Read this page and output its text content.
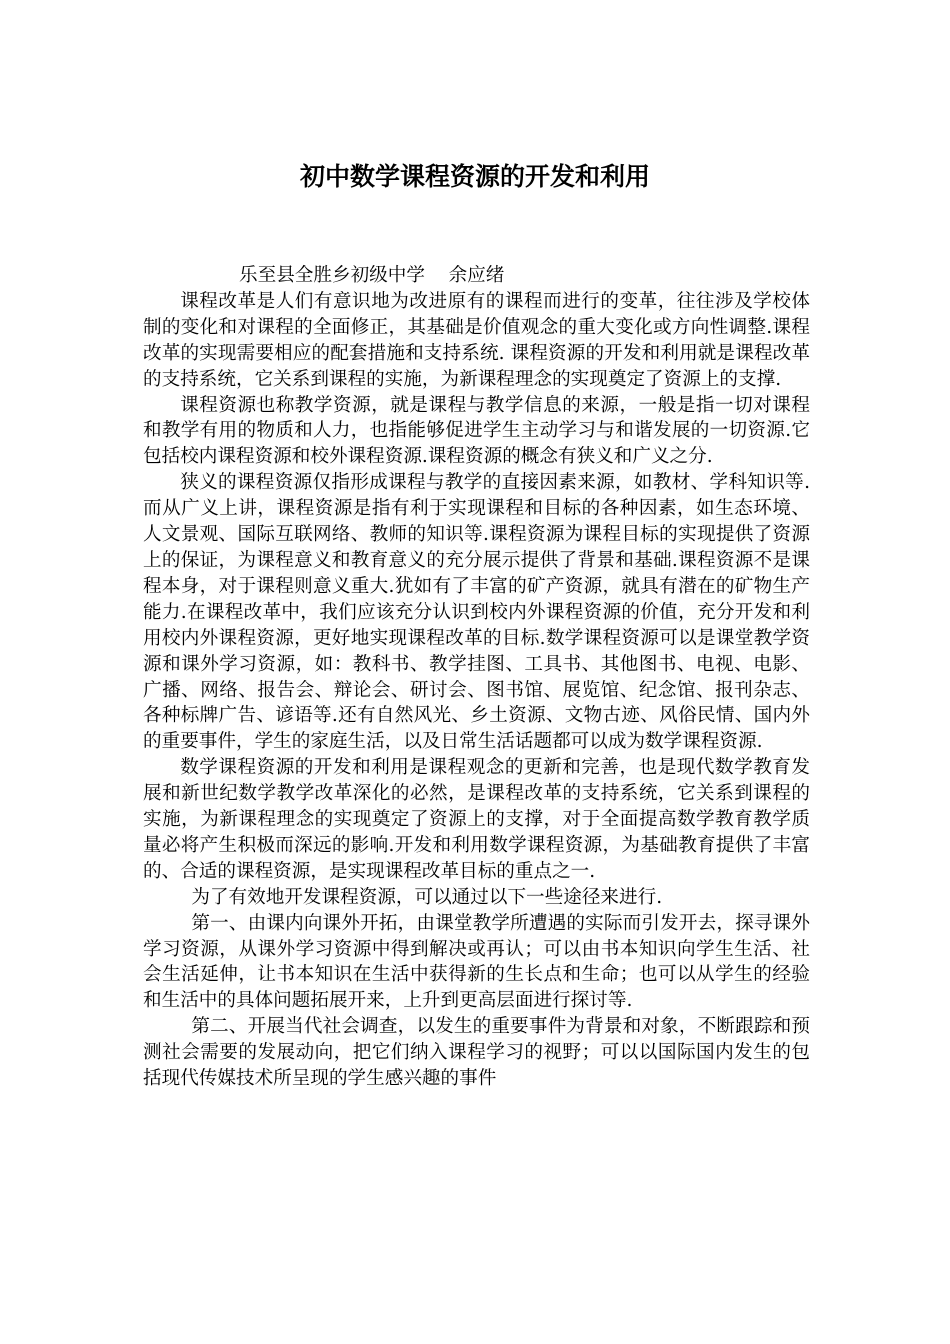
初中数学课程资源的开发和利用

乐至县全胜乡初级中学    余应绪

课程改革是人们有意识地为改进原有的课程而进行的变革，往往涉及学校体制的变化和对课程的全面修正，其基础是价值观念的重大变化或方向性调整.课程改革的实现需要相应的配套措施和支持系统. 课程资源的开发和利用就是课程改革的支持系统，它关系到课程的实施，为新课程理念的实现奠定了资源上的支撑.

课程资源也称教学资源，就是课程与教学信息的来源，一般是指一切对课程和教学有用的物质和人力，也指能够促进学生主动学习与和谐发展的一切资源.它包括校内课程资源和校外课程资源.课程资源的概念有狭义和广义之分.

狭义的课程资源仅指形成课程与教学的直接因素来源，如教材、学科知识等.而从广义上讲，课程资源是指有利于实现课程和目标的各种因素，如生态环境、人文景观、国际互联网络、教师的知识等.课程资源为课程目标的实现提供了资源上的保证，为课程意义和教育意义的充分展示提供了背景和基础.课程资源不是课程本身，对于课程则意义重大.犹如有了丰富的矿产资源，就具有潜在的矿物生产能力.在课程改革中，我们应该充分认识到校内外课程资源的价值，充分开发和利用校内外课程资源，更好地实现课程改革的目标.数学课程资源可以是课堂教学资源和课外学习资源，如：教科书、教学挂图、工具书、其他图书、电视、电影、广播、网络、报告会、辩论会、研讨会、图书馆、展览馆、纪念馆、报刊杂志、各种标牌广告、谚语等.还有自然风光、乡土资源、文物古迹、风俗民情、国内外的重要事件，学生的家庭生活，以及日常生活话题都可以成为数学课程资源.

数学课程资源的开发和利用是课程观念的更新和完善，也是现代数学教育发展和新世纪数学教学改革深化的必然，是课程改革的支持系统，它关系到课程的实施，为新课程理念的实现奠定了资源上的支撑，对于全面提高数学教育教学质量必将产生积极而深远的影响.开发和利用数学课程资源，为基础教育提供了丰富的、合适的课程资源，是实现课程改革目标的重点之一.

为了有效地开发课程资源，可以通过以下一些途径来进行.

第一、由课内向课外开拓，由课堂教学所遭遇的实际而引发开去，探寻课外学习资源，从课外学习资源中得到解决或再认；可以由书本知识向学生生活、社会生活延伸，让书本知识在生活中获得新的生长点和生命；也可以从学生的经验和生活中的具体问题拓展开来，上升到更高层面进行探讨等.

第二、开展当代社会调查，以发生的重要事件为背景和对象，不断跟踪和预测社会需要的发展动向，把它们纳入课程学习的视野；可以以国际国内发生的包括现代传媒技术所呈现的学生感兴趣的事件
